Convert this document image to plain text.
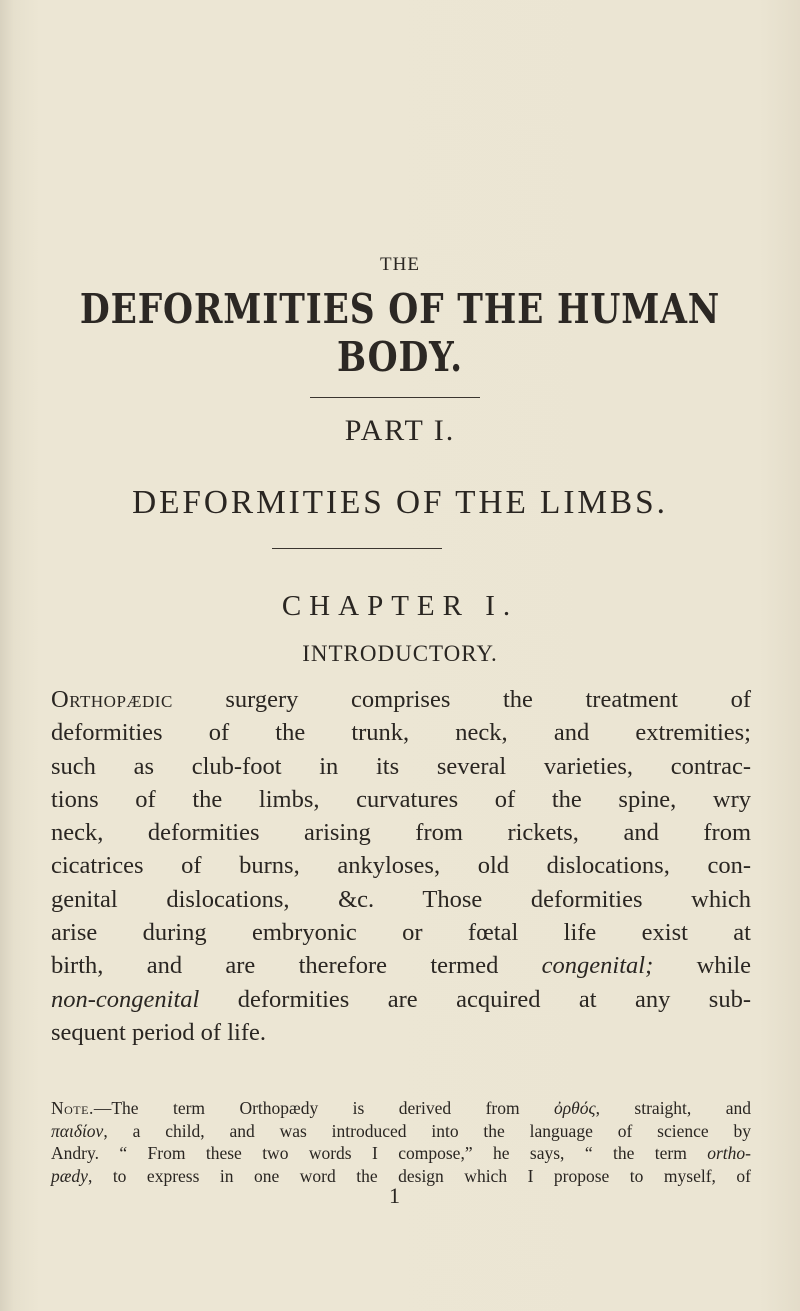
THE
DEFORMITIES OF THE HUMAN BODY.
PART I.
DEFORMITIES OF THE LIMBS.
CHAPTER I.
INTRODUCTORY.
Orthopædic surgery comprises the treatment of
deformities of the trunk, neck, and extremities;
such as club-foot in its several varieties, contrac-
tions of the limbs, curvatures of the spine, wry
neck, deformities arising from rickets, and from
cicatrices of burns, ankyloses, old dislocations, con-
genital dislocations, &c. Those deformities which
arise during embryonic or fœtal life exist at
birth, and are therefore termed congenital; while
non-congenital deformities are acquired at any sub-
sequent period of life.
Note.—The term Orthopædy is derived from ὀρθός, straight, and
παιδίον, a child, and was introduced into the language of science by
Andry. “ From these two words I compose,” he says, “ the term ortho-
pædy, to express in one word the design which I propose to myself, of
1
